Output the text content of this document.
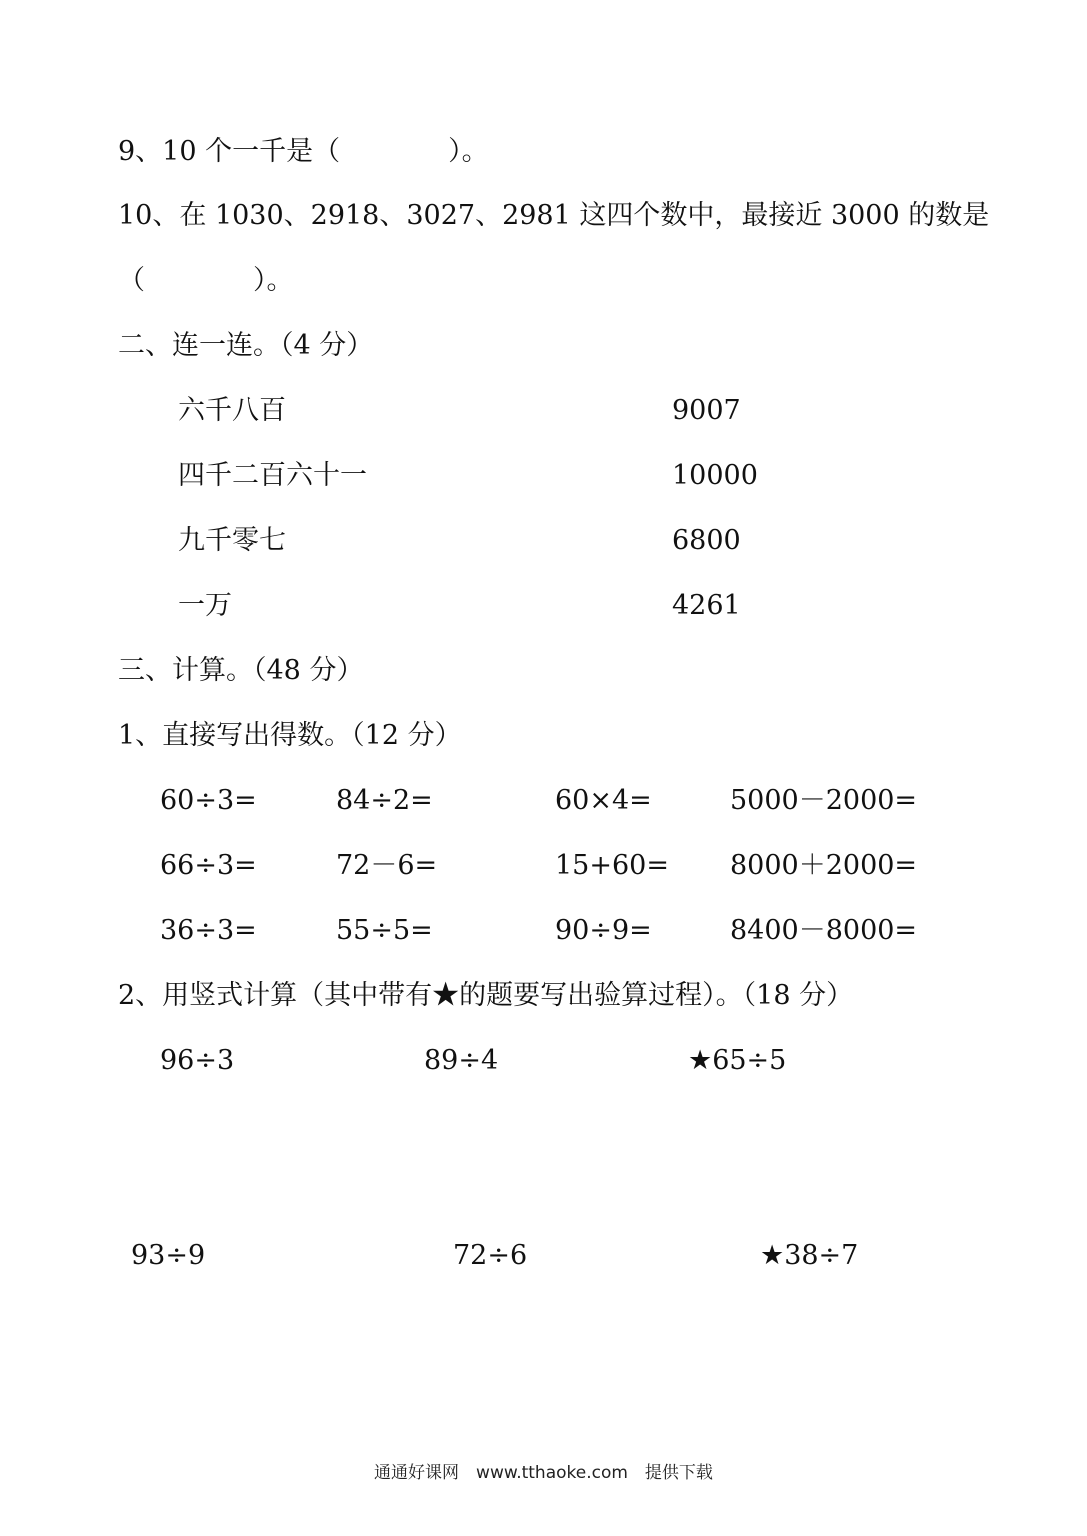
9、10 个一千是（　　　　）。
10、在 1030、2918、3027、2981 这四个数中，最接近 3000 的数是
（　　　　）。
二、连一连。（4 分）
六千八百	9007
四千二百六十一	10000
九千零七	6800
一万	4261
三、计算。（48 分）
1、直接写出得数。（12 分）
60÷3=	84÷2=	60×4=	5000－2000=
66÷3=	72－6=	15+60= 8000＋2000=
36÷3=	55÷5=	90÷9=	8400－8000=
2、用竖式计算（其中带有★的题要写出验算过程）。（18 分）
96÷3	89÷4	★65÷5
93÷9	72÷6	★38÷7
通通好课网　www.tthaoke.com　提供下载
